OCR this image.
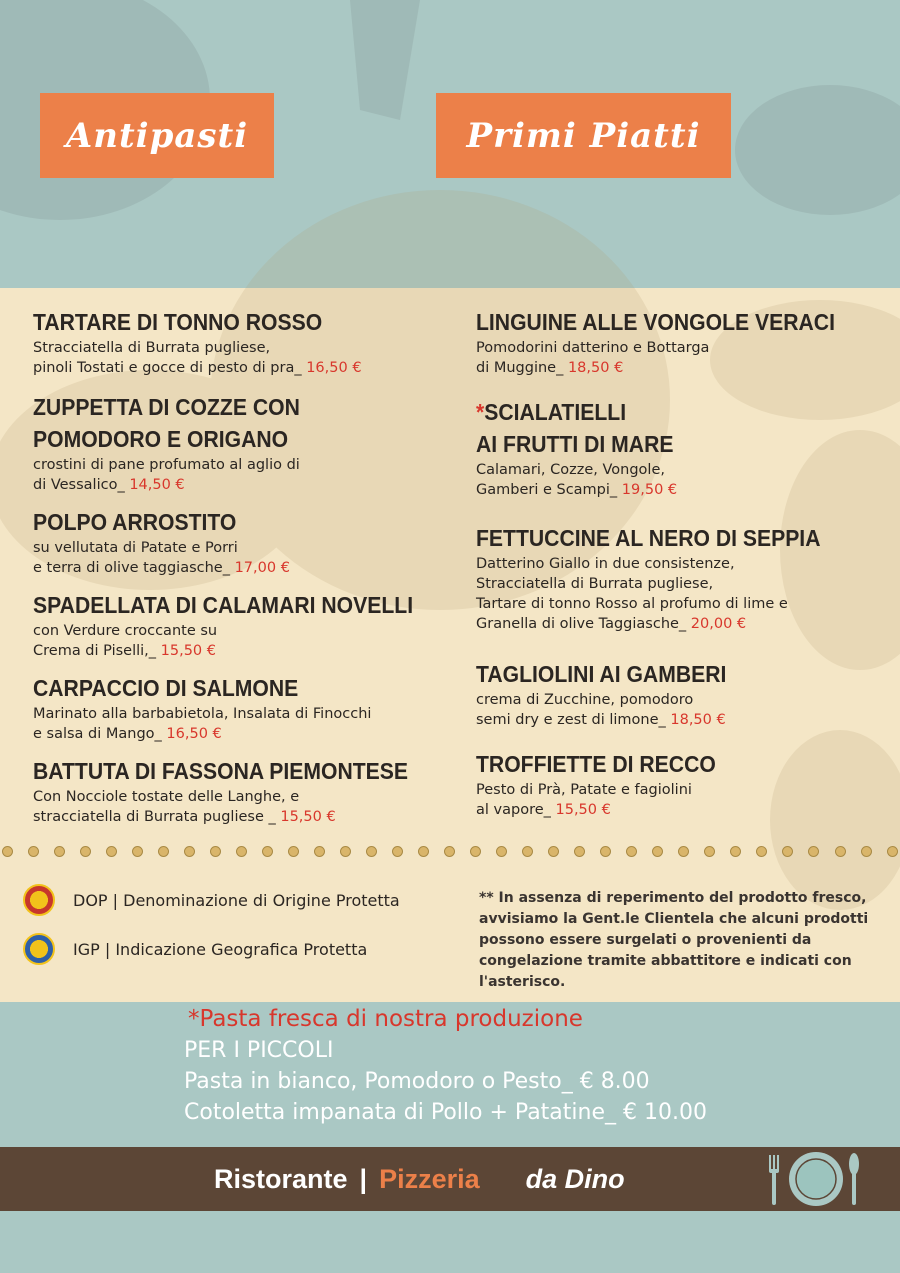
Antipasti	Primi Piatti
TARTARE DI TONNO ROSSO
Stracciatella di Burrata pugliese,
pinoli Tostati e gocce di pesto di pra_ 16,50 €
ZUPPETTA DI COZZE CON
POMODORO E ORIGANO
crostini di pane profumato al aglio di
di Vessalico_ 14,50 €
POLPO ARROSTITO
su vellutata di Patate e Porri
e terra di olive taggiasche_ 17,00 €
SPADELLATA DI CALAMARI NOVELLI
con Verdure croccante su
Crema di Piselli,_ 15,50 €
CARPACCIO DI SALMONE
Marinato alla barbabietola, Insalata di Finocchi
e salsa di Mango_ 16,50 €
BATTUTA DI FASSONA PIEMONTESE
Con Nocciole tostate delle Langhe, e
stracciatella di Burrata pugliese _ 15,50 €
LINGUINE ALLE VONGOLE VERACI
Pomodorini datterino e Bottarga
di Muggine_ 18,50 €
*SCIALATIELLI
AI FRUTTI DI MARE
Calamari, Cozze, Vongole,
Gamberi e Scampi_ 19,50 €
FETTUCCINE AL NERO DI SEPPIA
Datterino Giallo in due consistenze,
Stracciatella di Burrata pugliese,
Tartare di tonno Rosso al profumo di lime e
Granella di olive Taggiasche_ 20,00 €
TAGLIOLINI AI GAMBERI
crema di Zucchine, pomodoro
semi dry e zest di limone_ 18,50 €
TROFFIETTE DI RECCO
Pesto di Prà, Patate e fagiolini
al vapore_ 15,50 €
DOP | Denominazione di Origine Protetta
IGP | Indicazione Geografica Protetta
** In assenza di reperimento del prodotto fresco, avvisiamo la Gent.le Clientela che alcuni prodotti possono essere surgelati o provenienti da congelazione tramite abbattitore e indicati con l'asterisco.
*Pasta fresca di nostra produzione
PER I PICCOLI
Pasta in bianco, Pomodoro o Pesto_ € 8.00
Cotoletta impanata di Pollo + Patatine_ € 10.00
Ristorante | Pizzeria da Dino
